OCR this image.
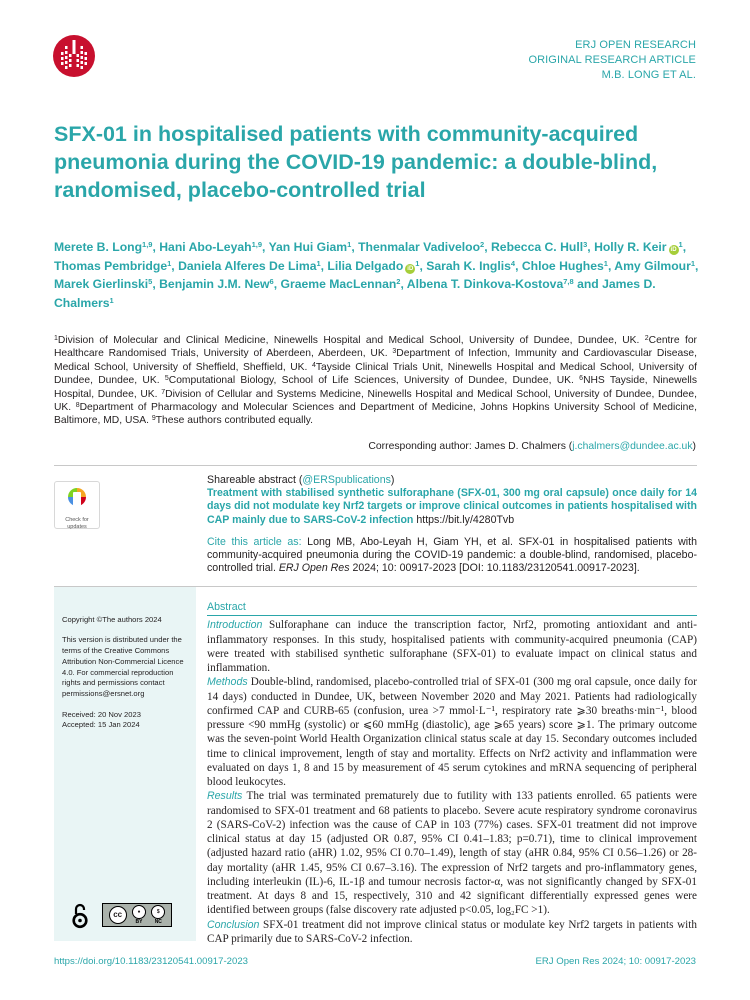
ERJ OPEN RESEARCH
ORIGINAL RESEARCH ARTICLE
M.B. LONG ET AL.
SFX-01 in hospitalised patients with community-acquired pneumonia during the COVID-19 pandemic: a double-blind, randomised, placebo-controlled trial
Merete B. Long$^{1,9}$, Hani Abo-Leyah$^{1,9}$, Yan Hui Giam$^1$, Thenmalar Vadiveloo$^2$, Rebecca C. Hull$^3$, Holly R. Keir $iD^1$, Thomas Pembridge$^1$, Daniela Alferes De Lima$^1$, Lilia Delgado $iD^1$, Sarah K. Inglis$^4$, Chloe Hughes$^1$, Amy Gilmour$^1$, Marek Gierlinski$^5$, Benjamin J.M. New$^6$, Graeme MacLennan$^2$, Albena T. Dinkova-Kostova$^{7,8}$ and James D. Chalmers$^1$
$^1$Division of Molecular and Clinical Medicine, Ninewells Hospital and Medical School, University of Dundee, Dundee, UK. $^2$Centre for Healthcare Randomised Trials, University of Aberdeen, Aberdeen, UK. $^3$Department of Infection, Immunity and Cardiovascular Disease, Medical School, University of Sheffield, Sheffield, UK. $^4$Tayside Clinical Trials Unit, Ninewells Hospital and Medical School, University of Dundee, Dundee, UK. $^5$Computational Biology, School of Life Sciences, University of Dundee, Dundee, UK. $^6$NHS Tayside, Ninewells Hospital, Dundee, UK. $^7$Division of Cellular and Systems Medicine, Ninewells Hospital and Medical School, University of Dundee, Dundee, UK. $^8$Department of Pharmacology and Molecular Sciences and Department of Medicine, Johns Hopkins University School of Medicine, Baltimore, MD, USA. $^9$These authors contributed equally.
Corresponding author: James D. Chalmers (j.chalmers@dundee.ac.uk)
Check for
updates
Shareable abstract (@ERSpublications)
Treatment with stabilised synthetic sulforaphane (SFX-01, 300 mg oral capsule) once daily for 14 days did not modulate key Nrf2 targets or improve clinical outcomes in patients hospitalised with CAP mainly due to SARS-CoV-2 infection https://bit.ly/4280Tvb
Cite this article as: Long MB, Abo-Leyah H, Giam YH, et al. SFX-01 in hospitalised patients with community-acquired pneumonia during the COVID-19 pandemic: a double-blind, randomised, placebo-controlled trial. ERJ Open Res 2024; 10: 00917-2023 [DOI: 10.1183/23120541.00917-2023].

Copyright ©The authors 2024

This version is distributed under the terms of the Creative Commons Attribution Non-Commercial Licence 4.0. For commercial reproduction rights and permissions contact permissions@ersnet.org

Received: 20 Nov 2023

Accepted: 15 Jan 2024

cc	●
BY
$
NC
Abstract

Introduction Sulforaphane can induce the transcription factor, Nrf2, promoting antioxidant and anti-inflammatory responses. In this study, hospitalised patients with community-acquired pneumonia (CAP) were treated with stabilised synthetic sulforaphane (SFX-01) to evaluate impact on clinical status and inflammation.

Methods Double-blind, randomised, placebo-controlled trial of SFX-01 (300 mg oral capsule, once daily for 14 days) conducted in Dundee, UK, between November 2020 and May 2021. Patients had radiologically confirmed CAP and CURB-65 (confusion, urea >7 mmol·L⁻¹, respiratory rate ⩾30 breaths·min⁻¹, blood pressure <90 mmHg (systolic) or ⩽60 mmHg (diastolic), age ⩾65 years) score ⩾1. The primary outcome was the seven-point World Health Organization clinical status scale at day 15. Secondary outcomes included time to clinical improvement, length of stay and mortality. Effects on Nrf2 activity and inflammation were evaluated on days 1, 8 and 15 by measurement of 45 serum cytokines and mRNA sequencing of peripheral blood leukocytes.

Results The trial was terminated prematurely due to futility with 133 patients enrolled. 65 patients were randomised to SFX-01 treatment and 68 patients to placebo. Severe acute respiratory syndrome coronavirus 2 (SARS-CoV-2) infection was the cause of CAP in 103 (77%) cases. SFX-01 treatment did not improve clinical status at day 15 (adjusted OR 0.87, 95% CI 0.41–1.83; p=0.71), time to clinical improvement (adjusted hazard ratio (aHR) 1.02, 95% CI 0.70–1.49), length of stay (aHR 0.84, 95% CI 0.56–1.26) or 28-day mortality (aHR 1.45, 95% CI 0.67–3.16). The expression of Nrf2 targets and pro-inflammatory genes, including interleukin (IL)-6, IL-1β and tumour necrosis factor-α, was not significantly changed by SFX-01 treatment. At days 8 and 15, respectively, 310 and 42 significant differentially expressed genes were identified between groups (false discovery rate adjusted p<0.05, log₂FC >1).

Conclusion SFX-01 treatment did not improve clinical status or modulate key Nrf2 targets in patients with CAP primarily due to SARS-CoV-2 infection.

https://doi.org/10.1183/23120541.00917-2023	ERJ Open Res 2024; 10: 00917-2023
